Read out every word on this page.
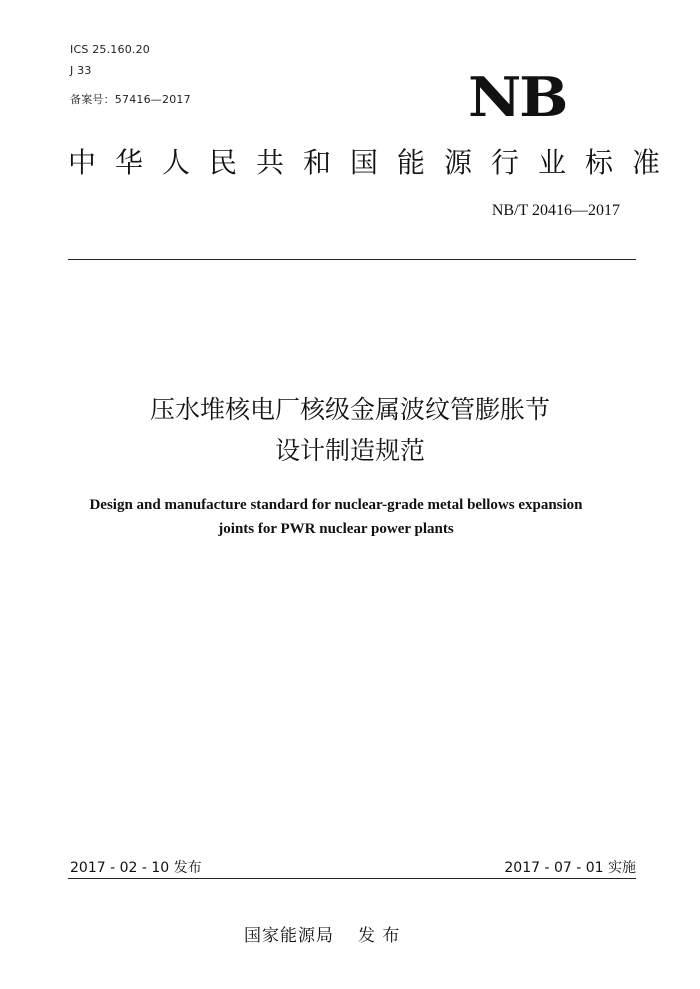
ICS 25.160.20
J 33
备案号：57416—2017	NB
中华人民共和国能源行业标准
NB/T 20416—2017
压水堆核电厂核级金属波纹管膨胀节
设计制造规范
Design and manufacture standard for nuclear-grade metal bellows expansion
joints for PWR nuclear power plants
2017 - 02 - 10 发布	2017 - 07 - 01 实施
国家能源局 发 布
